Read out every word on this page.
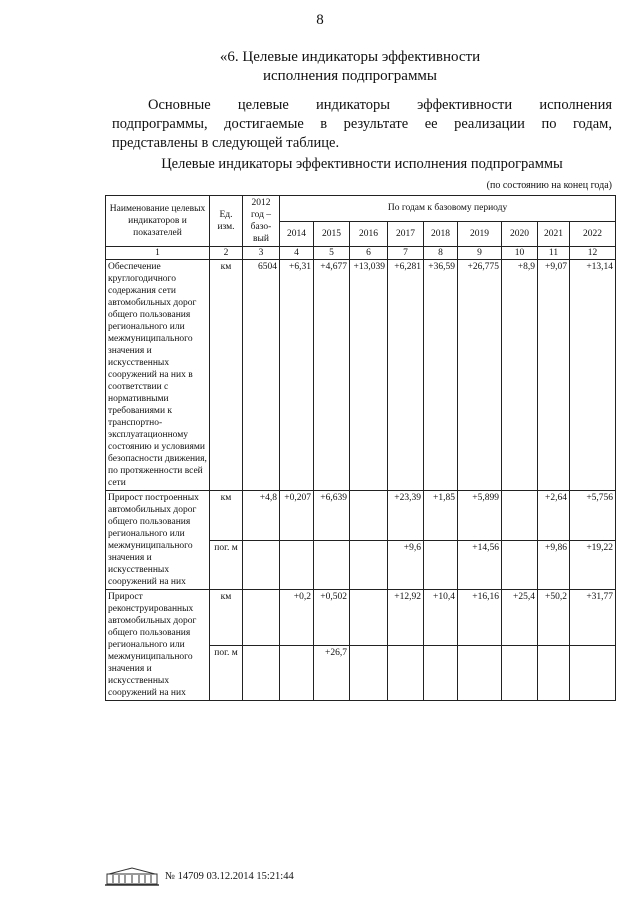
8
«6. Целевые индикаторы эффективности
исполнения подпрограммы
Основные целевые индикаторы эффективности исполнения
подпрограммы, достигаемые в результате ее реализации по годам,
представлены в следующей таблице.
Целевые индикаторы эффективности исполнения подпрограммы
(по состоянию на конец года)
Наименование целевых индикаторов и показателей	Ед. изм.	2012 год – базо- вый	По годам к базовому периоду								
			2014	2015	2016	2017	2018	2019	2020	2021	2022
1	2	3	4	5	6	7	8	9	10	11	12
Обеспечение круглогодичного содержания сети автомобильных дорог общего пользования регионального или межмуниципального значения и искусственных сооружений на них в соответствии с нормативными требованиями к транспортно-эксплуатационному состоянию и условиями безопасности движения, по протяженности всей сети	км	6504	+6,31	+4,677	+13,039	+6,281	+36,59	+26,775	+8,9	+9,07	+13,14
Прирост построенных автомобильных дорог общего пользования регионального или межмуниципального значения и искусственных сооружений на них	км	+4,8	+0,207	+6,639		+23,39	+1,85	+5,899		+2,64	+5,756
	пог. м					+9,6		+14,56		+9,86	+19,22
Прирост реконструированных автомобильных дорог общего пользования регионального или межмуниципального значения и искусственных сооружений на них	км		+0,2	+0,502		+12,92	+10,4	+16,16	+25,4	+50,2	+31,77
	пог. м			+26,7							
№ 14709 03.12.2014 15:21:44
